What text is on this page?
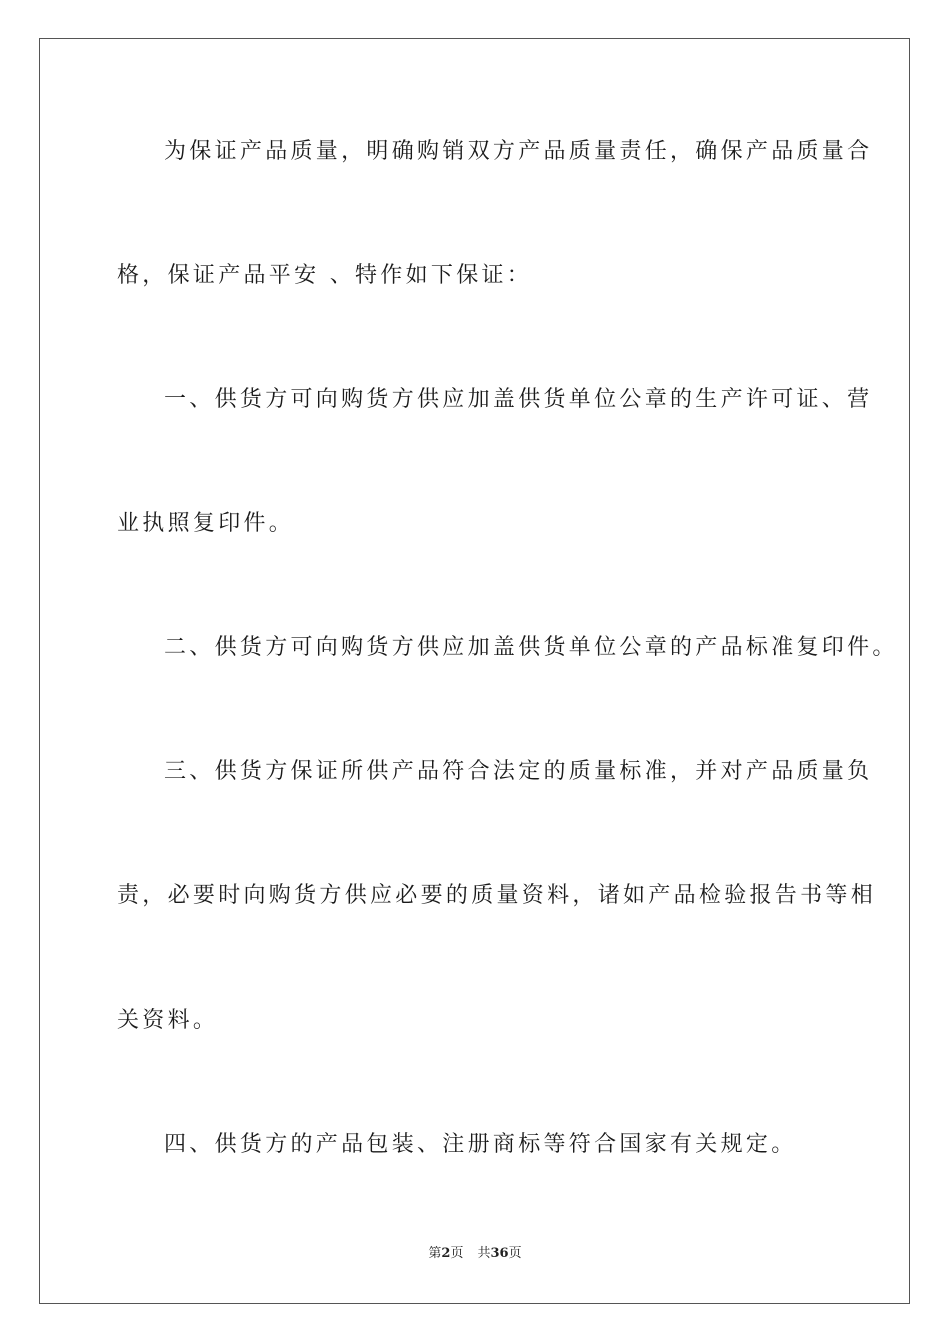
为保证产品质量，明确购销双方产品质量责任，确保产品质量合
格，保证产品平安 、特作如下保证：
一、供货方可向购货方供应加盖供货单位公章的生产许可证、营
业执照复印件。
二、供货方可向购货方供应加盖供货单位公章的产品标准复印件。
三、供货方保证所供产品符合法定的质量标准，并对产品质量负
责，必要时向购货方供应必要的质量资料，诸如产品检验报告书等相
关资料。
四、供货方的产品包装、注册商标等符合国家有关规定。
第2页 共36页
